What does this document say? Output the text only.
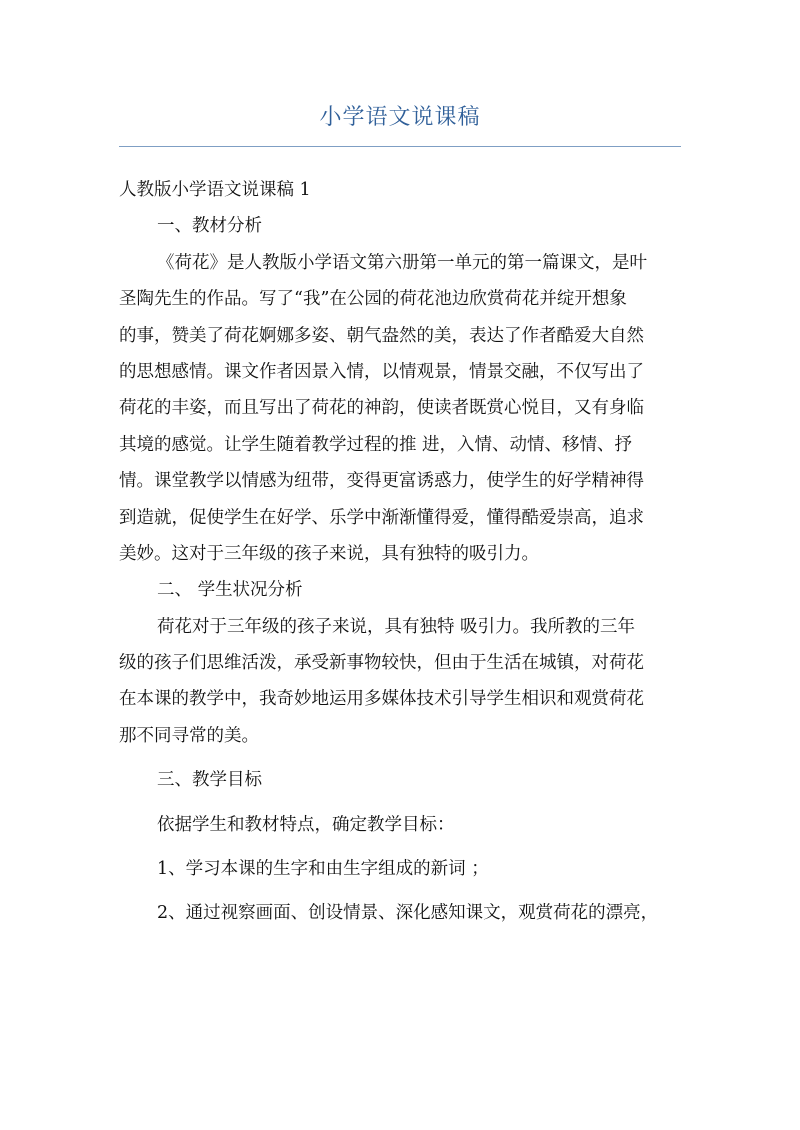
小学语文说课稿

人教版小学语文说课稿 1

一、教材分析

《荷花》是人教版小学语文第六册第一单元的第一篇课文，是叶

圣陶先生的作品。写了“我”在公园的荷花池边欣赏荷花并绽开想象

的事，赞美了荷花婀娜多姿、朝气盎然的美，表达了作者酷爱大自然

的思想感情。课文作者因景入情，以情观景，情景交融，不仅写出了

荷花的丰姿，而且写出了荷花的神韵，使读者既赏心悦目，又有身临

其境的感觉。让学生随着教学过程的推 进，入情、动情、移情、抒

情。课堂教学以情感为纽带，变得更富诱惑力，使学生的好学精神得

到造就，促使学生在好学、乐学中渐渐懂得爱，懂得酷爱崇高，追求

美妙。这对于三年级的孩子来说，具有独特的吸引力。

二、 学生状况分析

荷花对于三年级的孩子来说，具有独特 吸引力。我所教的三年

级的孩子们思维活泼，承受新事物较快，但由于生活在城镇，对荷花

在本课的教学中，我奇妙地运用多媒体技术引导学生相识和观赏荷花

那不同寻常的美。

三、教学目标

依据学生和教材特点，确定教学目标：

1、学习本课的生字和由生字组成的新词 ；

2、通过视察画面、创设情景、深化感知课文，观赏荷花的漂亮，
